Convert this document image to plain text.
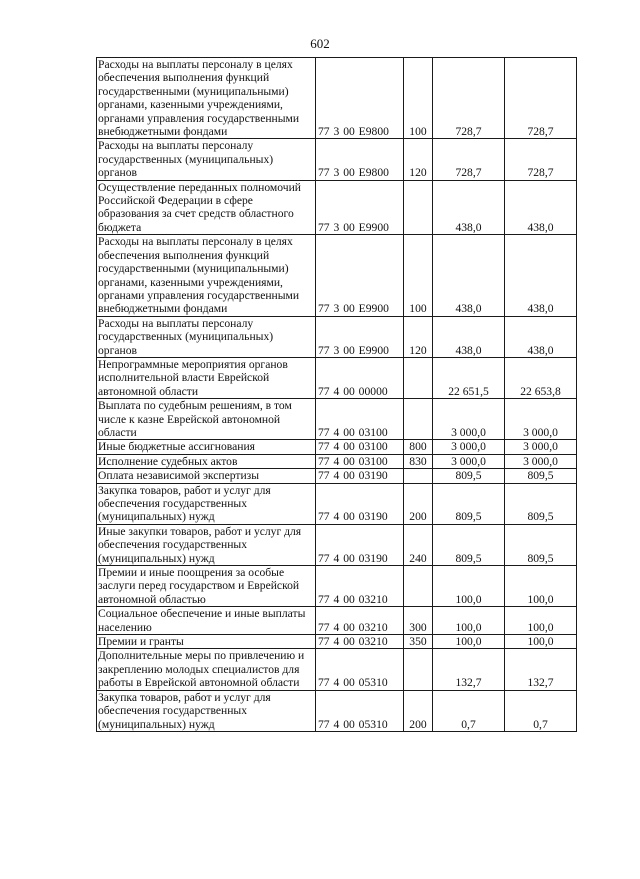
602
Расходы на выплаты персоналу в целях обеспечения выполнения функций государственными (муниципальными) органами, казенными учреждениями, органами управления государственными внебюджетными фондами	77 3 00 E9800	100	728,7	728,7

Расходы на выплаты персоналу государственных (муниципальных) органов	77 3 00 E9800	120	728,7	728,7

Осуществление переданных полномочий Российской Федерации в сфере образования за счет средств областного бюджета	77 3 00 E9900		438,0	438,0

Расходы на выплаты персоналу в целях обеспечения выполнения функций государственными (муниципальными) органами, казенными учреждениями, органами управления государственными внебюджетными фондами	77 3 00 E9900	100	438,0	438,0

Расходы на выплаты персоналу государственных (муниципальных) органов	77 3 00 E9900	120	438,0	438,0

Непрограммные мероприятия органов исполнительной власти Еврейской автономной области	77 4 00 00000		22 651,5	22 653,8

Выплата по судебным решениям, в том числе к казне Еврейской автономной области	77 4 00 03100		3 000,0	3 000,0

Иные бюджетные ассигнования	77 4 00 03100	800	3 000,0	3 000,0

Исполнение судебных актов	77 4 00 03100	830	3 000,0	3 000,0

Оплата независимой экспертизы	77 4 00 03190		809,5	809,5

Закупка товаров, работ и услуг для обеспечения государственных (муниципальных) нужд	77 4 00 03190	200	809,5	809,5

Иные закупки товаров, работ и услуг для обеспечения государственных (муниципальных) нужд	77 4 00 03190	240	809,5	809,5

Премии и иные поощрения за особые заслуги перед государством и Еврейской автономной областью	77 4 00 03210		100,0	100,0

Социальное обеспечение и иные выплаты населению	77 4 00 03210	300	100,0	100,0

Премии и гранты	77 4 00 03210	350	100,0	100,0

Дополнительные меры по привлечению и закреплению молодых специалистов для работы в Еврейской автономной области	77 4 00 05310		132,7	132,7

Закупка товаров, работ и услуг для обеспечения государственных (муниципальных) нужд	77 4 00 05310	200	0,7	0,7
